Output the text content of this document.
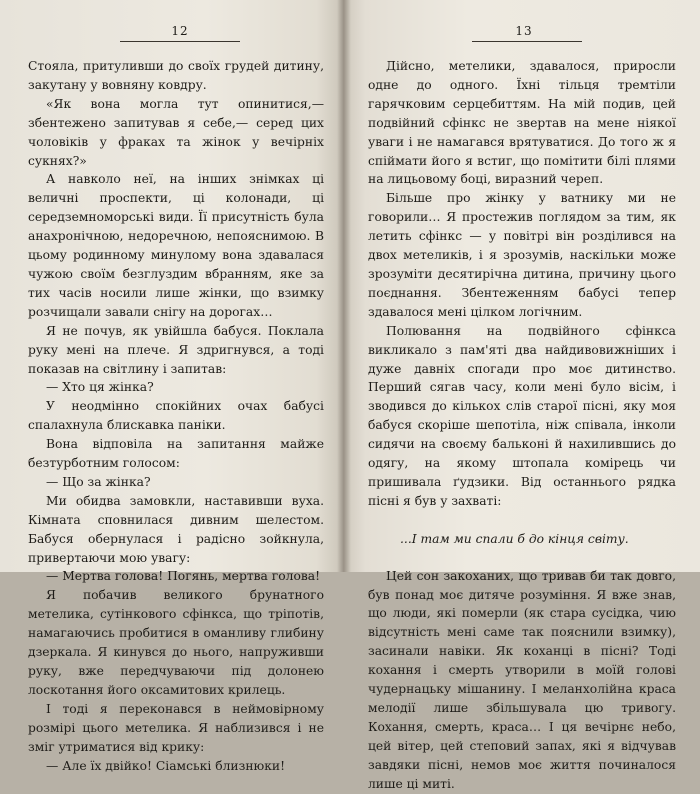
12

Стояла, притуливши до своїх грудей дитину, закутану у вовняну ковдру.

«Як вона могла тут опинитися,— збентежено запитував я себе,— серед цих чоловіків у фраках та жінок у вечірніх сукнях?»

А навколо неї, на інших знімках ці величні проспекти, ці колонади, ці середземноморські види. Її присутність була анахронічною, недоречною, непояснимою. В цьому родинному минулому вона здавалася чужою своїм безглуздим вбранням, яке за тих часів носили лише жінки, що взимку розчищали завали снігу на дорогах…

Я не почув, як увійшла бабуся. Поклала руку мені на плече. Я здригнувся, а тоді показав на світлину і запитав:

— Хто ця жінка?

У неодмінно спокійних очах бабусі спалахнула блискавка паніки.

Вона відповіла на запитання майже безтурботним голосом:

— Що за жінка?

Ми обидва замовкли, наставивши вуха. Кімната сповнилася дивним шелестом. Бабуся обернулася і радісно зойкнула, привертаючи мою увагу:

— Мертва голова! Погянь, мертва голова!

Я побачив великого брунатного метелика, сутінкового сфінкса, що тріпотів, намагаючись пробитися в оманливу глибину дзеркала. Я кинувся до нього, напруживши руку, вже передчуваючи під долонею лоскотання його оксамитових крилець.

І тоді я переконався в неймовірному розмірі цього метелика. Я наблизився і не зміг утриматися від крику:

— Але їх двійко! Сіамські близнюки!

13

Дійсно, метелики, здавалося, приросли одне до одного. Їхні тільця тремтіли гарячковим серцебиттям. На мій подив, цей подвійний сфінкс не звертав на мене ніякої уваги і не намагався врятуватися. До того ж я спіймати його я встиг, що помітити білі плями на лицьовому боці, виразний череп.

Більше про жінку у ватнику ми не говорили… Я простежив поглядом за тим, як летить сфінкс — у повітрі він розділився на двох метеликів, і я зрозумів, наскільки може зрозуміти десятирічна дитина, причину цього поєднання. Збентеженням бабусі тепер здавалося мені цілком логічним.

Полювання на подвійного сфінкса викликало з пам'яті два найдивовижніших і дуже давніх спогади про моє дитинство. Перший сягав часу, коли мені було вісім, і зводився до кількох слів старої пісні, яку моя бабуся скоріше шепотіла, ніж співала, інколи сидячи на своєму бальконі й нахилившись до одягу, на якому штопала комірець чи пришивала ґудзики. Від останнього рядка пісні я був у захваті:

...І там ми спали б до кінця світу.

Цей сон закоханих, що тривав би так довго, був понад моє дитяче розуміння. Я вже знав, що люди, які померли (як стара сусідка, чию відсутність мені саме так пояснили взимку), засинали навіки. Як коханці в пісні? Тоді кохання і смерть утворили в моїй голові чудернацьку мішанину. І меланхолійна краса мелодії лише збільшувала цю тривогу. Кохання, смерть, краса… І ця вечірнє небо, цей вітер, цей степовий запах, які я відчував завдяки пісні, немов моє життя починалося лише ці миті.
